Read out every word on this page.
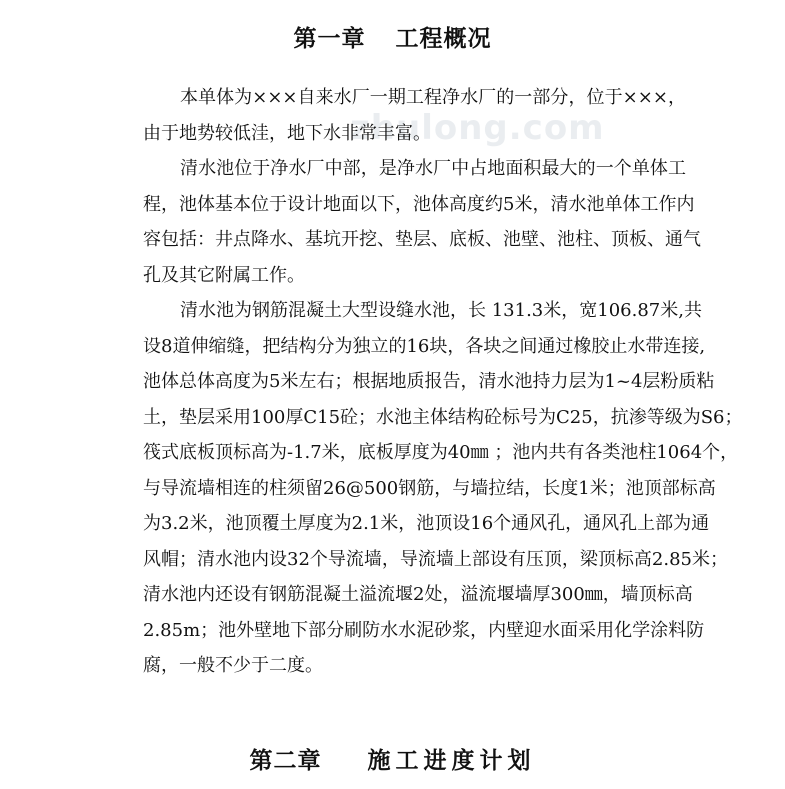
第一章 工程概况
zhulong.com
本单体为×××自来水厂一期工程净水厂的一部分，位于×××，
由于地势较低洼，地下水非常丰富。
清水池位于净水厂中部，是净水厂中占地面积最大的一个单体工
程，池体基本位于设计地面以下，池体高度约5米，清水池单体工作内
容包括：井点降水、基坑开挖、垫层、底板、池壁、池柱、顶板、通气
孔及其它附属工作。
清水池为钢筋混凝土大型设缝水池，长 131.3米，宽106.87米,共
设8道伸缩缝，把结构分为独立的16块，各块之间通过橡胶止水带连接,
池体总体高度为5米左右；根据地质报告，清水池持力层为1~4层粉质粘
土，垫层采用100厚C15砼；水池主体结构砼标号为C25，抗渗等级为S6；
筏式底板顶标高为-1.7米，底板厚度为40㎜ ；池内共有各类池柱1064个，
与导流墙相连的柱须留26@500钢筋，与墙拉结，长度1米；池顶部标高
为3.2米，池顶覆土厚度为2.1米，池顶设16个通风孔，通风孔上部为通
风帽；清水池内设32个导流墙，导流墙上部设有压顶，梁顶标高2.85米；
清水池内还设有钢筋混凝土溢流堰2处，溢流堰墙厚300㎜，墙顶标高
2.85m；池外壁地下部分刷防水水泥砂浆，内壁迎水面采用化学涂料防
腐，一般不少于二度。
第二章 施工进度计划
